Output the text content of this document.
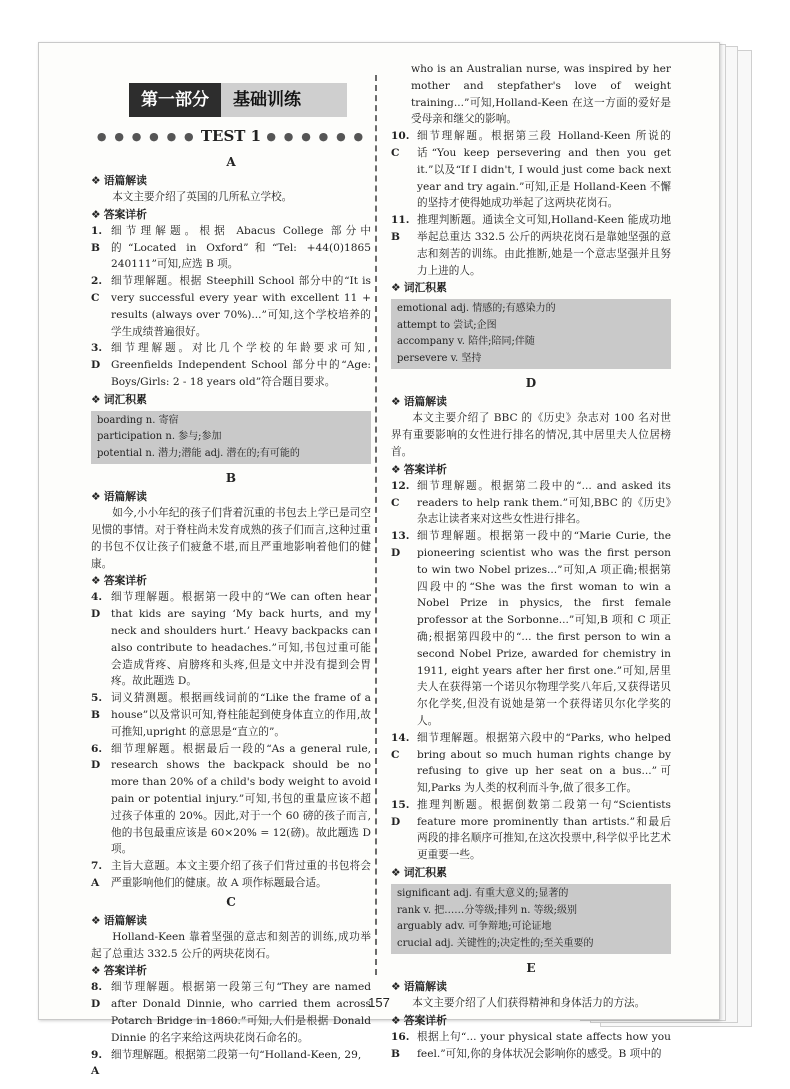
第一部分	基础训练
● ● ● ● ● ● TEST 1 ● ● ● ● ● ●
A
❖ 语篇解读
本文主要介绍了英国的几所私立学校。
❖ 答案详析
1. B
细节理解题。根据 Abacus College 部分中的“Located in Oxford”和“Tel: +44(0)1865 240111”可知,应选 B 项。
2. C
细节理解题。根据 Steephill School 部分中的“It is very successful every year with excellent 11 + results (always over 70%)...”可知,这个学校培养的学生成绩普遍很好。
3. D
细节理解题。对比几个学校的年龄要求可知, Greenfields Independent School 部分中的“Age: Boys/Girls: 2 - 18 years old”符合题目要求。
❖ 词汇积累
boarding n. 寄宿
participation n. 参与;参加
potential n. 潜力;潜能 adj. 潜在的;有可能的
B
❖ 语篇解读
如今,小小年纪的孩子们背着沉重的书包去上学已是司空见惯的事情。对于脊柱尚未发育成熟的孩子们而言,这种过重的书包不仅让孩子们疲惫不堪,而且严重地影响着他们的健康。
❖ 答案详析
4. D
细节理解题。根据第一段中的“We can often hear that kids are saying ‘My back hurts, and my neck and shoulders hurt.’ Heavy backpacks can also contribute to headaches.”可知,书包过重可能会造成背疼、肩膀疼和头疼,但是文中并没有提到会胃疼。故此题选 D。
5. B
词义猜测题。根据画线词前的“Like the frame of a house”以及常识可知,脊柱能起到使身体直立的作用,故可推知,upright 的意思是“直立的”。
6. D
细节理解题。根据最后一段的“As a general rule, research shows the backpack should be no more than 20% of a child's body weight to avoid pain or potential injury.”可知,书包的重量应该不超过孩子体重的 20%。因此,对于一个 60 磅的孩子而言,他的书包最重应该是 60×20% = 12(磅)。故此题选 D 项。
7. A
主旨大意题。本文主要介绍了孩子们背过重的书包将会严重影响他们的健康。故 A 项作标题最合适。
C
❖ 语篇解读
Holland-Keen 靠着坚强的意志和刻苦的训练,成功举起了总重达 332.5 公斤的两块花岗石。
❖ 答案详析
8. D
细节理解题。根据第一段第三句“They are named after Donald Dinnie, who carried them across Potarch Bridge in 1860.”可知,人们是根据 Donald Dinnie 的名字来给这两块花岗石命名的。
9. A
细节理解题。根据第二段第一句“Holland-Keen, 29,
who is an Australian nurse, was inspired by her mother and stepfather's love of weight training...”可知,Holland-Keen 在这一方面的爱好是受母亲和继父的影响。
10. C
细节理解题。根据第三段 Holland-Keen 所说的话“You keep persevering and then you get it.”以及“If I didn't, I would just come back next year and try again.”可知,正是 Holland-Keen 不懈的坚持才使得她成功举起了这两块花岗石。
11. B
推理判断题。通读全文可知,Holland-Keen 能成功地举起总重达 332.5 公斤的两块花岗石是靠她坚强的意志和刻苦的训练。由此推断,她是一个意志坚强并且努力上进的人。
❖ 词汇积累
emotional adj. 情感的;有感染力的
attempt to 尝试;企图
accompany v. 陪伴;陪同;伴随
persevere v. 坚持
D
❖ 语篇解读
本文主要介绍了 BBC 的《历史》杂志对 100 名对世界有重要影响的女性进行排名的情况,其中居里夫人位居榜首。
❖ 答案详析
12. C
细节理解题。根据第二段中的“... and asked its readers to help rank them.”可知,BBC 的《历史》杂志让读者来对这些女性进行排名。
13. D
细节理解题。根据第一段中的“Marie Curie, the pioneering scientist who was the first person to win two Nobel prizes...”可知,A 项正确;根据第四段中的“She was the first woman to win a Nobel Prize in physics, the first female professor at the Sorbonne...”可知,B 项和 C 项正确;根据第四段中的“... the first person to win a second Nobel Prize, awarded for chemistry in 1911, eight years after her first one.”可知,居里夫人在获得第一个诺贝尔物理学奖八年后,又获得诺贝尔化学奖,但没有说她是第一个获得诺贝尔化学奖的人。
14. C
细节理解题。根据第六段中的“Parks, who helped bring about so much human rights change by refusing to give up her seat on a bus...”可知,Parks 为人类的权利而斗争,做了很多工作。
15. D
推理判断题。根据倒数第二段第一句“Scientists feature more prominently than artists.”和最后两段的排名顺序可推知,在这次投票中,科学似乎比艺术更重要一些。
❖ 词汇积累
significant adj. 有重大意义的;显著的
rank v. 把……分等级;排列 n. 等级;级别
arguably adv. 可争辩地;可论证地
crucial adj. 关键性的;决定性的;至关重要的
E
❖ 语篇解读
本文主要介绍了人们获得精神和身体活力的方法。
❖ 答案详析
16. B
根据上句“... your physical state affects how you feel.”可知,你的身体状况会影响你的感受。B 项中的
157
